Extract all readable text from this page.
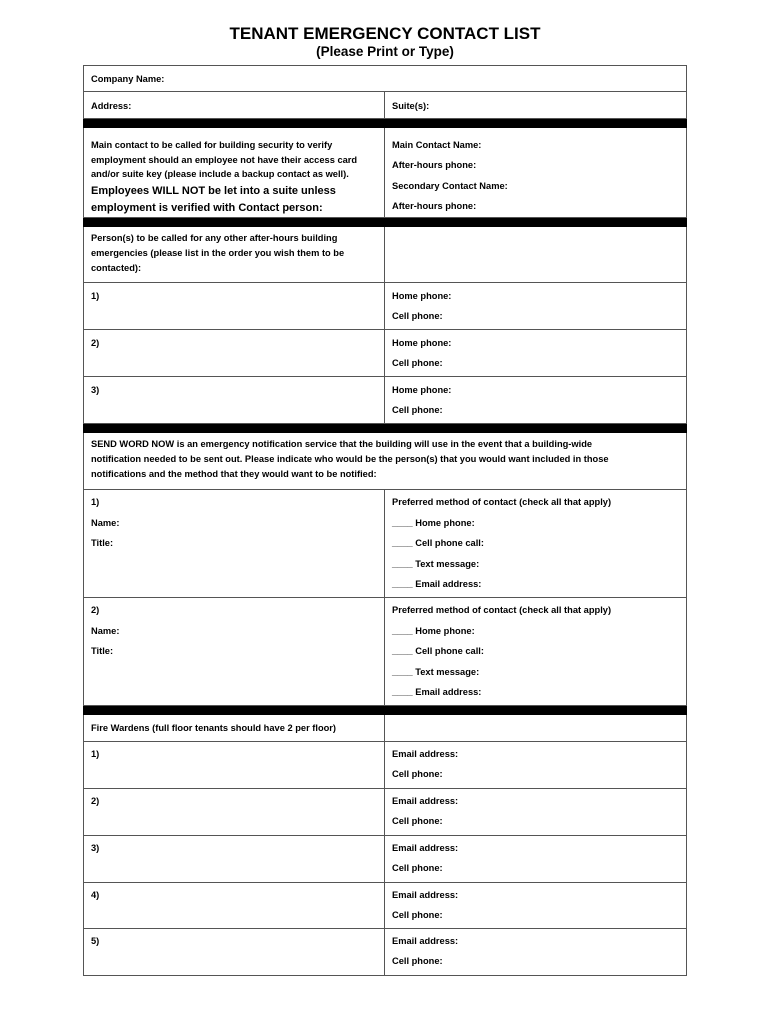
TENANT EMERGENCY CONTACT LIST
(Please Print or Type)
Company Name:
Address:	Suite(s):
Main contact to be called for building security to verify
employment should an employee not have their access card
and/or suite key (please include a backup contact as well).
Employees WILL NOT be let into a suite unless
employment is verified with Contact person:
Main Contact Name:
After-hours phone:
Secondary Contact Name:
After-hours phone:
Person(s) to be called for any other after-hours building
emergencies (please list in the order you wish them to be
contacted):
1)	Home phone:
Cell phone:
2)	Home phone:
Cell phone:
3)	Home phone:
Cell phone:
SEND WORD NOW is an emergency notification service that the building will use in the event that a building-wide
notification needed to be sent out. Please indicate who would be the person(s) that you would want included in those
notifications and the method that they would want to be notified:
1)
Name:
Title:
Preferred method of contact (check all that apply)
____ Home phone:
____ Cell phone call:
____ Text message:
____ Email address:
2)
Name:
Title:
Preferred method of contact (check all that apply)
____ Home phone:
____ Cell phone call:
____ Text message:
____ Email address:
Fire Wardens (full floor tenants should have 2 per floor)
1)	Email address:
Cell phone:
2)	Email address:
Cell phone:
3)	Email address:
Cell phone:
4)	Email address:
Cell phone:
5)	Email address:
Cell phone:
